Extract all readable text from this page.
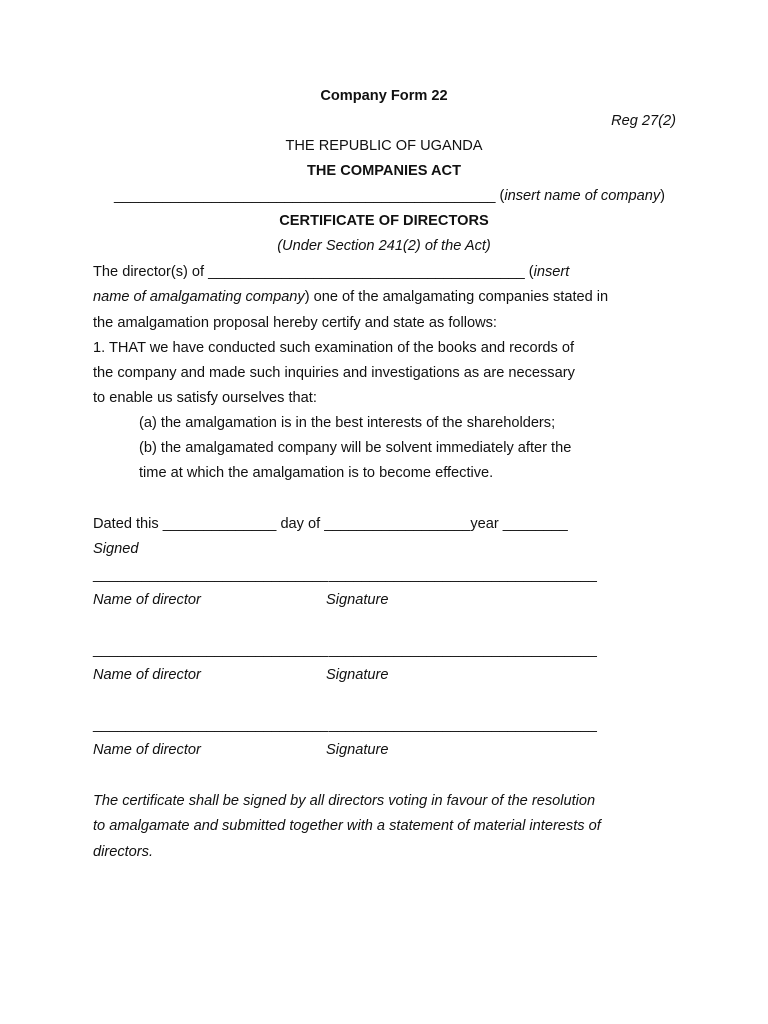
Company Form 22
Reg 27(2)
THE REPUBLIC OF UGANDA
THE COMPANIES ACT
_______________________________________________ (insert name of company)
CERTIFICATE OF DIRECTORS
(Under Section 241(2) of the Act)
The director(s) of _______________________________________ (insert
name of amalgamating company) one of the amalgamating companies stated in
the amalgamation proposal hereby certify and state as follows:
1. THAT we have conducted such examination of the books and records of
the company and made such inquiries and investigations as are necessary
to enable us satisfy ourselves that:
(a) the amalgamation is in the best interests of the shareholders;
(b) the amalgamated company will be solvent immediately after the
time at which the amalgamation is to become effective.
Dated this ______________ day of __________________year ________
Signed
_____________________________ _________________________________
Name of director	Signature
_____________________________ _________________________________
Name of director	Signature
_____________________________ _________________________________
Name of director	Signature
The certificate shall be signed by all directors voting in favour of the resolution
to amalgamate and submitted together with a statement of material interests of
directors.
